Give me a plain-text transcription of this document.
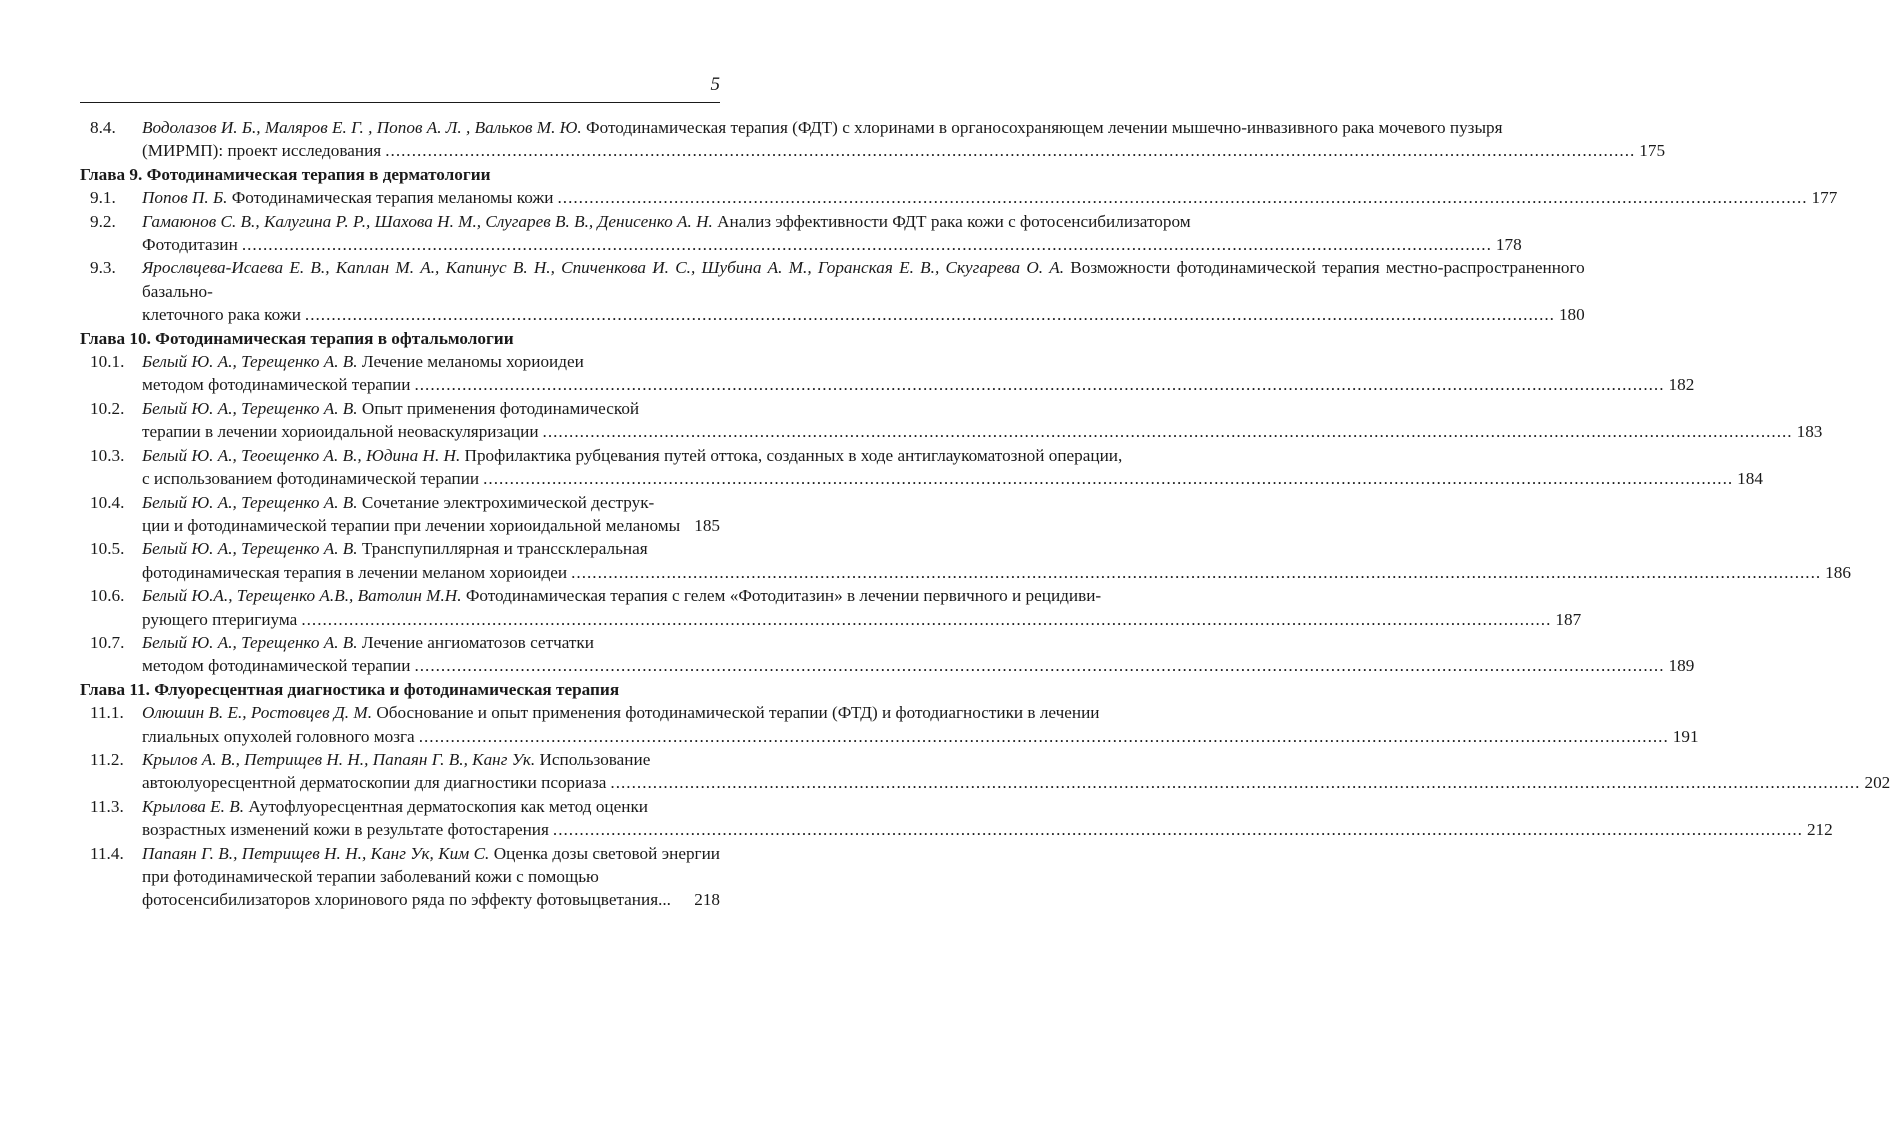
5
8.4.	Водолазов И. Б., Маляров Е. Г. , Попов А. Л. , Вальков М. Ю. Фотодинамическая терапия (ФДТ) с хлоринами в органосохраняющем лечении мышечно-инвазивного рака мочевого пузыря
(МИРМП): проект исследования .....	175
Глава 9. Фотодинамическая терапия в дерматологии
9.1.	Попов П. Б. Фотодинамическая терапия меланомы кожи .....	177
9.2.	Гамаюнов С. В., Калугина Р. Р., Шахова Н. М., Слугарев В. В., Денисенко А. Н. Анализ эффективности ФДТ рака кожи с фотосенсибилизатором
Фотодитазин .....	178
9.3.	Ярослвцева-Исаева Е. В., Каплан М. А., Капинус В. Н., Спиченкова И. С., Шубина А. М., Горанская Е. В., Скугарева О. А. Возможности фотодинамической терапия местно-распространенного базально-
клеточного рака кожи .....	180
Глава 10. Фотодинамическая терапия в офтальмологии
10.1.	Белый Ю. А., Терещенко А. В. Лечение меланомы хориоидеи
методом фотодинамической терапии .....	182
10.2.	Белый Ю. А., Терещенко А. В. Опыт применения фотодинамической
терапии в лечении хориоидальной неоваскуляризации .....	183
10.3.	Белый Ю. А., Теоещенко А. В., Юдина Н. Н. Профилактика рубцевания путей оттока, созданных в ходе антиглаукоматозной операции,
с использованием фотодинамической терапии .....	184
10.4.	Белый Ю. А., Терещенко А. В. Сочетание электрохимической деструк-
ции и фотодинамической терапии при лечении хориоидальной меланомы 185
10.5.	Белый Ю. А., Терещенко А. В. Транспупиллярная и транссклеральная
фотодинамическая терапия в лечении меланом хориоидеи .....	186
10.6.	Белый Ю.А., Терещенко А.В., Ватолин М.Н. Фотодинамическая терапия с гелем «Фотодитазин» в лечении первичного и рецидиви-
рующего птеригиума .....	187
10.7.	Белый Ю. А., Терещенко А. В. Лечение ангиоматозов сетчатки
методом фотодинамической терапии .....	189
Глава 11. Флуоресцентная диагностика и фотодинамическая терапия
11.1.	Олюшин В. Е., Ростовцев Д. М. Обоснование и опыт применения фотодинамической терапии (ФТД) и фотодиагностики в лечении
глиальных опухолей головного мозга .....	191
11.2.	Крылов А. В., Петрищев Н. Н., Папаян Г. В., Канг Ук. Использование
автоюлуоресцентной дерматоскопии для диагностики псориаза .....	202
11.3.	Крылова Е. В. Аутофлуоресцентная дерматоскопия как метод оценки
возрастных изменений кожи в результате фотостарения .....	212
11.4.	Папаян Г. В., Петрищев Н. Н., Канг Ук, Ким С. Оценка дозы световой энергии при фотодинамической терапии заболеваний кожи с помощью
фотосенсибилизаторов хлоринового ряда по эффекту фотовыцветания... 218
